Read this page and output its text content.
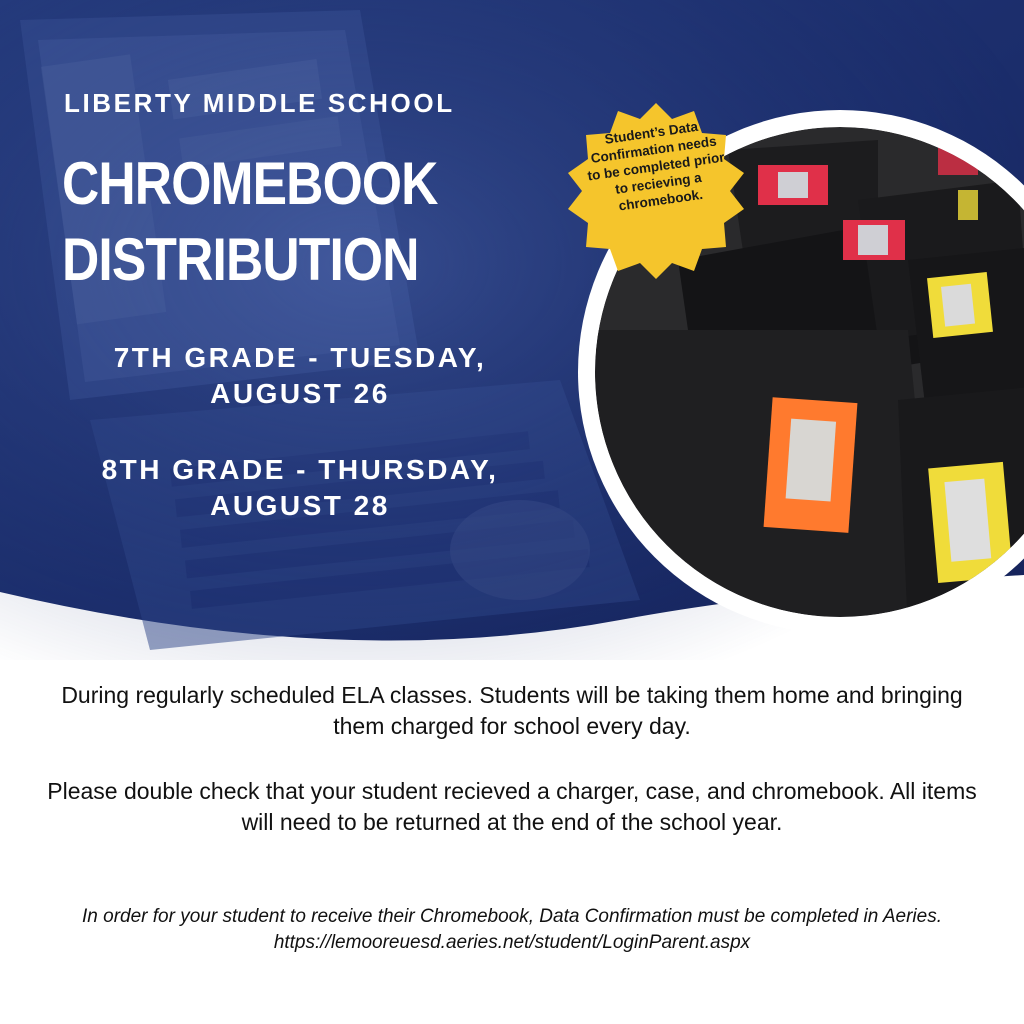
LIBERTY MIDDLE SCHOOL
CHROMEBOOK DISTRIBUTION
7TH GRADE - TUESDAY,
AUGUST 26
8TH GRADE - THURSDAY,
AUGUST 28

Student’s Data Confirmation needs to be completed prior to recieving a chromebook.

During regularly scheduled ELA classes. Students will be taking them home and bringing them charged for school every day.

Please double check that your student recieved a charger, case, and chromebook. All items will need to be returned at the end of the school year.

In order for your student to receive their Chromebook, Data Confirmation must be completed in Aeries. https://lemooreuesd.aeries.net/student/LoginParent.aspx
